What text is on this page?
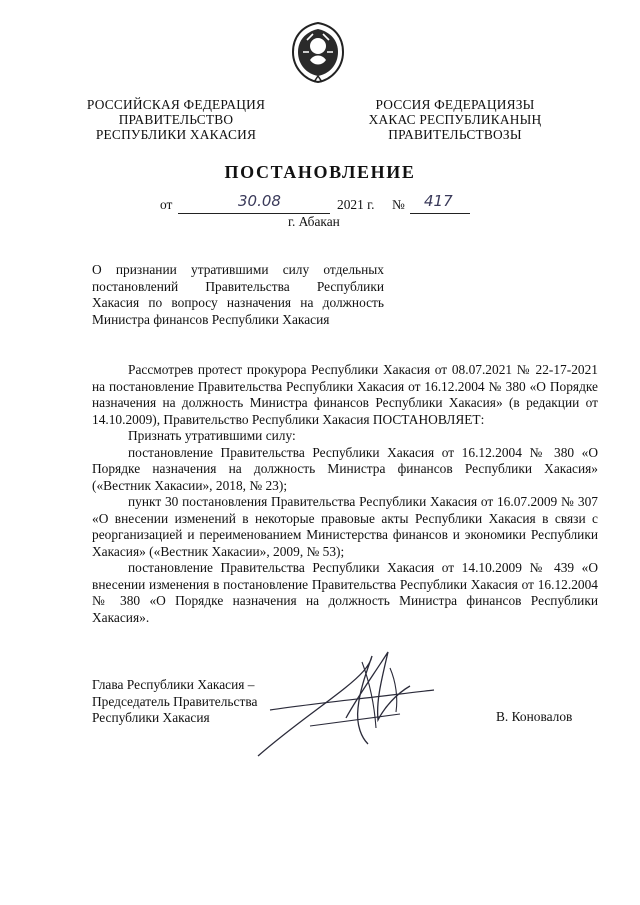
РОССИЙСКАЯ ФЕДЕРАЦИЯ
ПРАВИТЕЛЬСТВО
РЕСПУБЛИКИ ХАКАСИЯ
РОССИЯ ФЕДЕРАЦИЯЗЫ
ХАКАС РЕСПУБЛИКАНЫҢ
ПРАВИТЕЛЬСТВОЗЫ
ПОСТАНОВЛЕНИЕ
от	30.08	2021 г. № 417
г. Абакан
О признании утратившими силу отдельных постановлений Правительства Республики Хакасия по вопросу назначения на должность Министра финансов Республики Хакасия

Рассмотрев протест прокурора Республики Хакасия от 08.07.2021 № 22-17-2021 на постановление Правительства Республики Хакасия от 16.12.2004 № 380 «О Порядке назначения на должность Министра финансов Республики Хакасия» (в редакции от 14.10.2009), Правительство Республики Хакасия ПОСТАНОВЛЯЕТ:

Признать утратившими силу:

постановление Правительства Республики Хакасия от 16.12.2004 № 380 «О Порядке назначения на должность Министра финансов Республики Хакасия» («Вестник Хакасии», 2018, № 23);

пункт 30 постановления Правительства Республики Хакасия от 16.07.2009 № 307 «О внесении изменений в некоторые правовые акты Республики Хакасия в связи с реорганизацией и переименованием Министерства финансов и экономики Республики Хакасия» («Вестник Хакасии», 2009, № 53);

постановление Правительства Республики Хакасия от 14.10.2009 № 439 «О внесении изменения в постановление Правительства Республики Хакасия от 16.12.2004 № 380 «О Порядке назначения на должность Министра финансов Республики Хакасия».

Глава Республики Хакасия –
Председатель Правительства
Республики Хакасия	В. Коновалов
